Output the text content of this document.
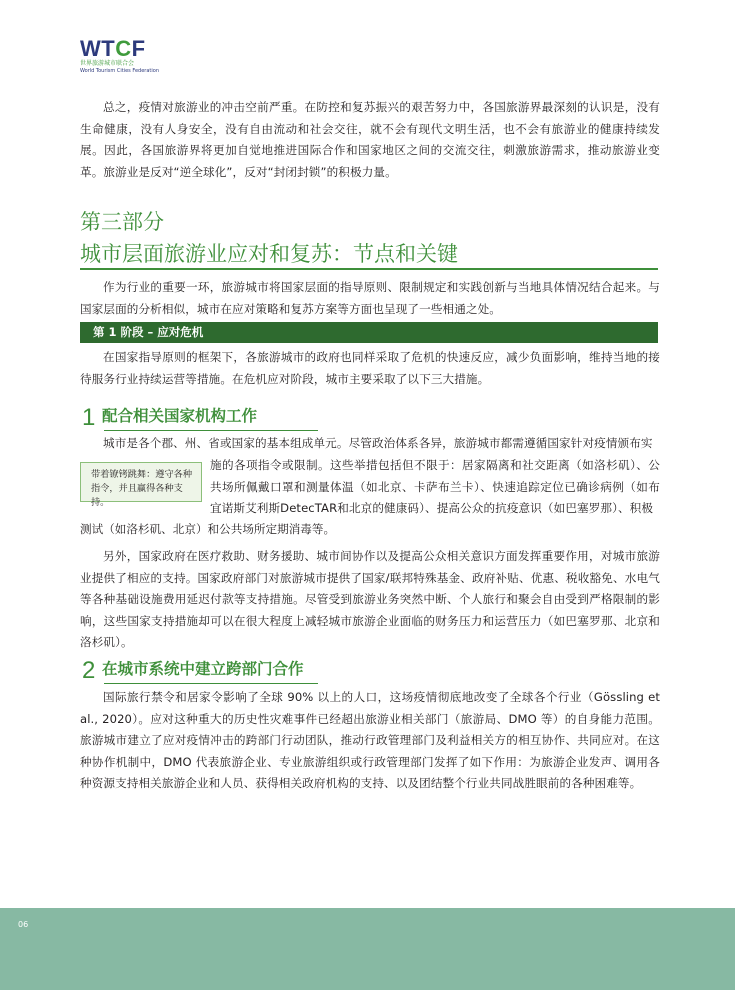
WTCF
世界旅游城市联合会
World Tourism Cities Federation

总之，疫情对旅游业的冲击空前严重。在防控和复苏振兴的艰苦努力中，各国旅游界最深刻的认识是，没有生命健康，没有人身安全，没有自由流动和社会交往，就不会有现代文明生活，也不会有旅游业的健康持续发展。因此，各国旅游界将更加自觉地推进国际合作和国家地区之间的交流交往，刺激旅游需求，推动旅游业变革。旅游业是反对“逆全球化”，反对“封闭封锁”的积极力量。

第三部分
城市层面旅游业应对和复苏：节点和关键

作为行业的重要一环，旅游城市将国家层面的指导原则、限制规定和实践创新与当地具体情况结合起来。与国家层面的分析相似，城市在应对策略和复苏方案等方面也呈现了一些相通之处。

第 1 阶段 – 应对危机

在国家指导原则的框架下，各旅游城市的政府也同样采取了危机的快速反应，减少负面影响，维持当地的接待服务行业持续运营等措施。在危机应对阶段，城市主要采取了以下三大措施。

1 配合相关国家机构工作

城市是各个郡、州、省或国家的基本组成单元。尽管政治体系各异，旅游城市都需遵循国家针对疫情颁布实

带着镣铐跳舞：遵守各种指令，并且赢得各种支持。

施的各项指令或限制。这些举措包括但不限于：居家隔离和社交距离（如洛杉矶）、公共场所佩戴口罩和测量体温（如北京、卡萨布兰卡）、快速追踪定位已确诊病例（如布宜诺斯艾利斯DetecTAR和北京的健康码）、提高公众的抗疫意识（如巴塞罗那）、积极

测试（如洛杉矶、北京）和公共场所定期消毒等。

另外，国家政府在医疗救助、财务援助、城市间协作以及提高公众相关意识方面发挥重要作用，对城市旅游业提供了相应的支持。国家政府部门对旅游城市提供了国家/联邦特殊基金、政府补贴、优惠、税收豁免、水电气等各种基础设施费用延迟付款等支持措施。尽管受到旅游业务突然中断、个人旅行和聚会自由受到严格限制的影响，这些国家支持措施却可以在很大程度上减轻城市旅游企业面临的财务压力和运营压力（如巴塞罗那、北京和洛杉矶）。

2 在城市系统中建立跨部门合作

国际旅行禁令和居家令影响了全球 90% 以上的人口，这场疫情彻底地改变了全球各个行业（Gössling et al., 2020）。应对这种重大的历史性灾难事件已经超出旅游业相关部门（旅游局、DMO 等）的自身能力范围。旅游城市建立了应对疫情冲击的跨部门行动团队，推动行政管理部门及利益相关方的相互协作、共同应对。在这种协作机制中，DMO 代表旅游企业、专业旅游组织或行政管理部门发挥了如下作用：为旅游企业发声、调用各种资源支持相关旅游企业和人员、获得相关政府机构的支持、以及团结整个行业共同战胜眼前的各种困难等。

06
